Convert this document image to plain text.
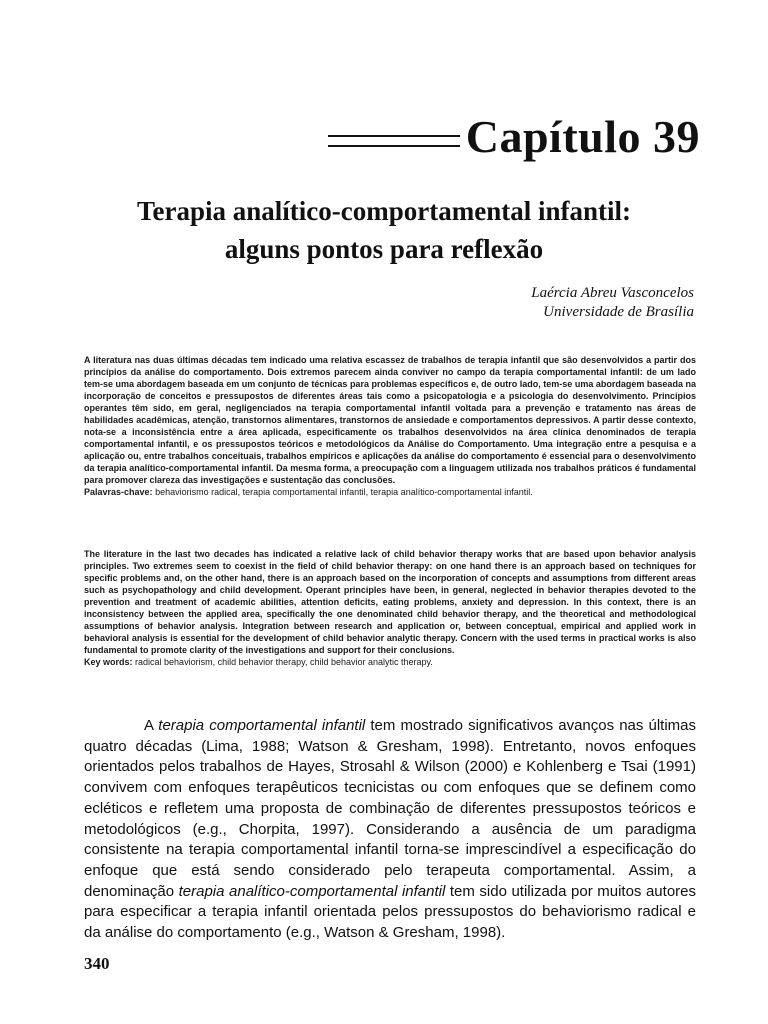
Capítulo 39
Terapia analítico-comportamental infantil:
alguns pontos para reflexão
Laércia Abreu Vasconcelos
Universidade de Brasília

A literatura nas duas últimas décadas tem indicado uma relativa escassez de trabalhos de terapia infantil que são desenvolvidos a partir dos princípios da análise do comportamento. Dois extremos parecem ainda conviver no campo da terapia comportamental infantil: de um lado tem-se uma abordagem baseada em um conjunto de técnicas para problemas específicos e, de outro lado, tem-se uma abordagem baseada na incorporação de conceitos e pressupostos de diferentes áreas tais como a psicopatologia e a psicologia do desenvolvimento. Princípios operantes têm sido, em geral, negligenciados na terapia comportamental infantil voltada para a prevenção e tratamento nas áreas de habilidades acadêmicas, atenção, transtornos alimentares, transtornos de ansiedade e comportamentos depressivos. A partir desse contexto, nota-se a inconsistência entre a área aplicada, especificamente os trabalhos desenvolvidos na área clínica denominados de terapia comportamental infantil, e os pressupostos teóricos e metodológicos da Análise do Comportamento. Uma integração entre a pesquisa e a aplicação ou, entre trabalhos conceituais, trabalhos empíricos e aplicações da análise do comportamento é essencial para o desenvolvimento da terapia analítico-comportamental infantil. Da mesma forma, a preocupação com a linguagem utilizada nos trabalhos práticos é fundamental para promover clareza das investigações e sustentação das conclusões.

Palavras-chave: behaviorismo radical, terapia comportamental infantil, terapia analítico-comportamental infantil.

The literature in the last two decades has indicated a relative lack of child behavior therapy works that are based upon behavior analysis principles. Two extremes seem to coexist in the field of child behavior therapy: on one hand there is an approach based on techniques for specific problems and, on the other hand, there is an approach based on the incorporation of concepts and assumptions from different areas such as psychopathology and child development. Operant principles have been, in general, neglected in behavior therapies devoted to the prevention and treatment of academic abilities, attention deficits, eating problems, anxiety and depression. In this context, there is an inconsistency between the applied area, specifically the one denominated child behavior therapy, and the theoretical and methodological assumptions of behavior analysis. Integration between research and application or, between conceptual, empirical and applied work in behavioral analysis is essential for the development of child behavior analytic therapy. Concern with the used terms in practical works is also fundamental to promote clarity of the investigations and support for their conclusions.

Key words: radical behaviorism, child behavior therapy, child behavior analytic therapy.

A terapia comportamental infantil tem mostrado significativos avanços nas últimas quatro décadas (Lima, 1988; Watson & Gresham, 1998). Entretanto, novos enfoques orientados pelos trabalhos de Hayes, Strosahl & Wilson (2000) e Kohlenberg e Tsai (1991) convivem com enfoques terapêuticos tecnicistas ou com enfoques que se definem como ecléticos e refletem uma proposta de combinação de diferentes pressupostos teóricos e metodológicos (e.g., Chorpita, 1997). Considerando a ausência de um paradigma consistente na terapia comportamental infantil torna-se imprescindível a especificação do enfoque que está sendo considerado pelo terapeuta comportamental. Assim, a denominação terapia analítico-comportamental infantil tem sido utilizada por muitos autores para especificar a terapia infantil orientada pelos pressupostos do behaviorismo radical e da análise do comportamento (e.g., Watson & Gresham, 1998).

340
